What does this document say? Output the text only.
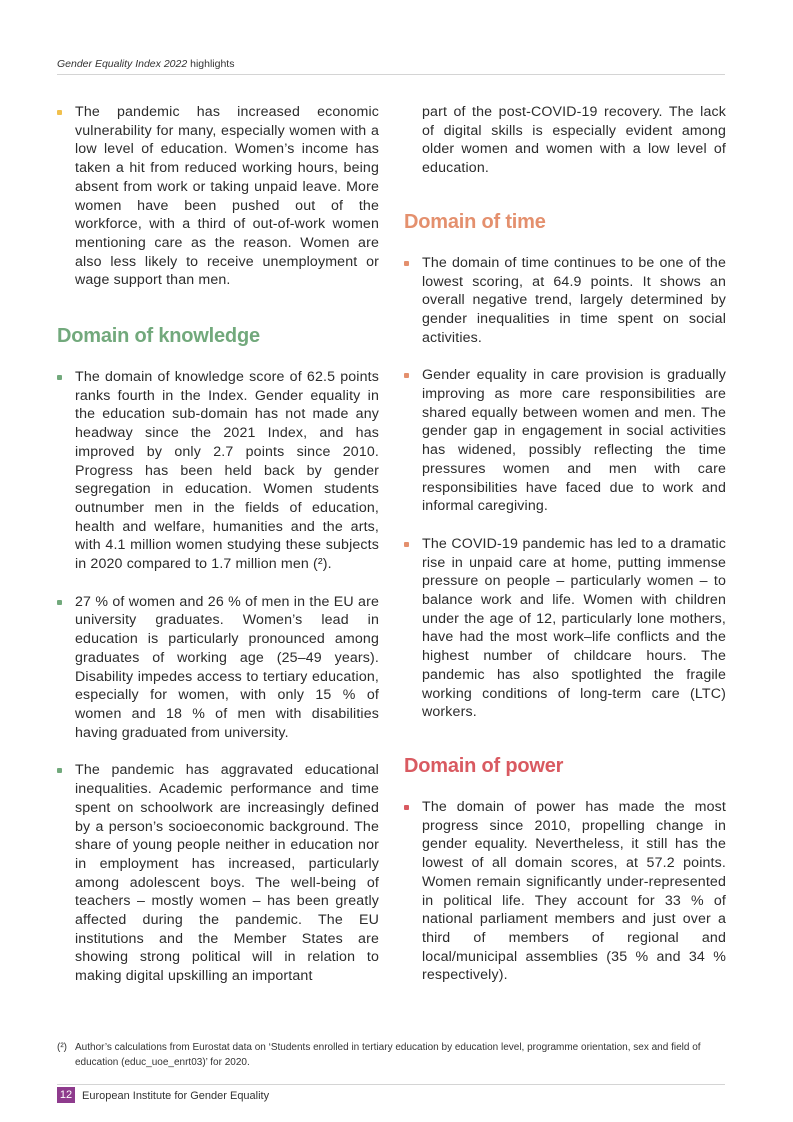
Gender Equality Index 2022 highlights

The pandemic has increased economic vulnerability for many, especially women with a low level of education. Women’s income has taken a hit from reduced working hours, being absent from work or taking unpaid leave. More women have been pushed out of the workforce, with a third of out-of-work women mentioning care as the reason. Women are also less likely to receive unemployment or wage support than men.

Domain of knowledge

The domain of knowledge score of 62.5 points ranks fourth in the Index. Gender equality in the education sub-domain has not made any headway since the 2021 Index, and has improved by only 2.7 points since 2010. Progress has been held back by gender segregation in education. Women students outnumber men in the fields of education, health and welfare, humanities and the arts, with 4.1 million women studying these subjects in 2020 compared to 1.7 million men (²).

27 % of women and 26 % of men in the EU are university graduates. Women’s lead in education is particularly pronounced among graduates of working age (25–49 years). Disability impedes access to tertiary education, especially for women, with only 15 % of women and 18 % of men with disabilities having graduated from university.

The pandemic has aggravated educational inequalities. Academic performance and time spent on schoolwork are increasingly defined by a person’s socioeconomic background. The share of young people neither in education nor in employment has increased, particularly among adolescent boys. The well-being of teachers – mostly women – has been greatly affected during the pandemic. The EU institutions and the Member States are showing strong political will in relation to making digital upskilling an important

part of the post-COVID-19 recovery. The lack of digital skills is especially evident among older women and women with a low level of education.
Domain of time

The domain of time continues to be one of the lowest scoring, at 64.9 points. It shows an overall negative trend, largely determined by gender inequalities in time spent on social activities.

Gender equality in care provision is gradually improving as more care responsibilities are shared equally between women and men. The gender gap in engagement in social activities has widened, possibly reflecting the time pressures women and men with care responsibilities have faced due to work and informal caregiving.

The COVID-19 pandemic has led to a dramatic rise in unpaid care at home, putting immense pressure on people – particularly women – to balance work and life. Women with children under the age of 12, particularly lone mothers, have had the most work–life conflicts and the highest number of childcare hours. The pandemic has also spotlighted the fragile working conditions of long-term care (LTC) workers.

Domain of power

The domain of power has made the most progress since 2010, propelling change in gender equality. Nevertheless, it still has the lowest of all domain scores, at 57.2 points. Women remain significantly under-represented in political life. They account for 33 % of national parliament members and just over a third of members of regional and local/municipal assemblies (35 % and 34 % respectively).

(²) Author’s calculations from Eurostat data on ‘Students enrolled in tertiary education by education level, programme orientation, sex and field of education (educ_uoe_enrt03)’ for 2020.
12 European Institute for Gender Equality
